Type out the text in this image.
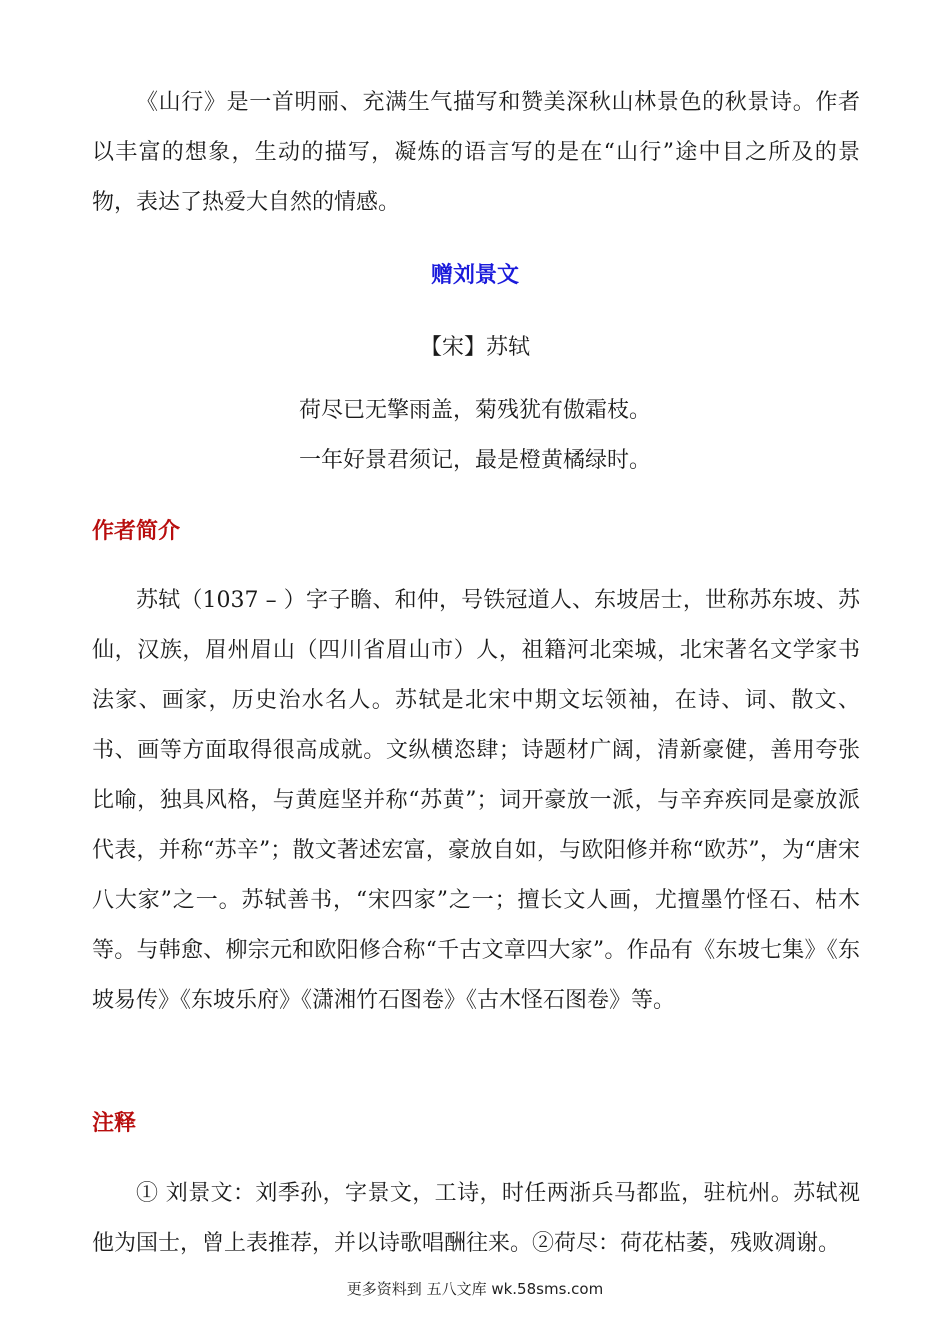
《山行》是一首明丽、充满生气描写和赞美深秋山林景色的秋景诗。作者以丰富的想象，生动的描写，凝炼的语言写的是在“山行”途中目之所及的景物，表达了热爱大自然的情感。

赠刘景文

【宋】苏轼

荷尽已无擎雨盖，菊残犹有傲霜枝。

一年好景君须记，最是橙黄橘绿时。

作者简介

苏轼（1037 – ）字子瞻、和仲，号铁冠道人、东坡居士，世称苏东坡、苏仙，汉族，眉州眉山（四川省眉山市）人，祖籍河北栾城，北宋著名文学家书法家、画家，历史治水名人。苏轼是北宋中期文坛领袖，在诗、词、散文、书、画等方面取得很高成就。文纵横恣肆；诗题材广阔，清新豪健，善用夸张比喻，独具风格，与黄庭坚并称“苏黄”；词开豪放一派，与辛弃疾同是豪放派代表，并称“苏辛”；散文著述宏富，豪放自如，与欧阳修并称“欧苏”，为“唐宋八大家”之一。苏轼善书，“宋四家”之一；擅长文人画，尤擅墨竹怪石、枯木等。与韩愈、柳宗元和欧阳修合称“千古文章四大家”。作品有《东坡七集》《东坡易传》《东坡乐府》《潇湘竹石图卷》《古木怪石图卷》等。

注释

① 刘景文：刘季孙，字景文，工诗，时任两浙兵马都监，驻杭州。苏轼视他为国士，曾上表推荐，并以诗歌唱酬往来。②荷尽：荷花枯萎，残败凋谢。

更多资料到 五八文库 wk.58sms.com
